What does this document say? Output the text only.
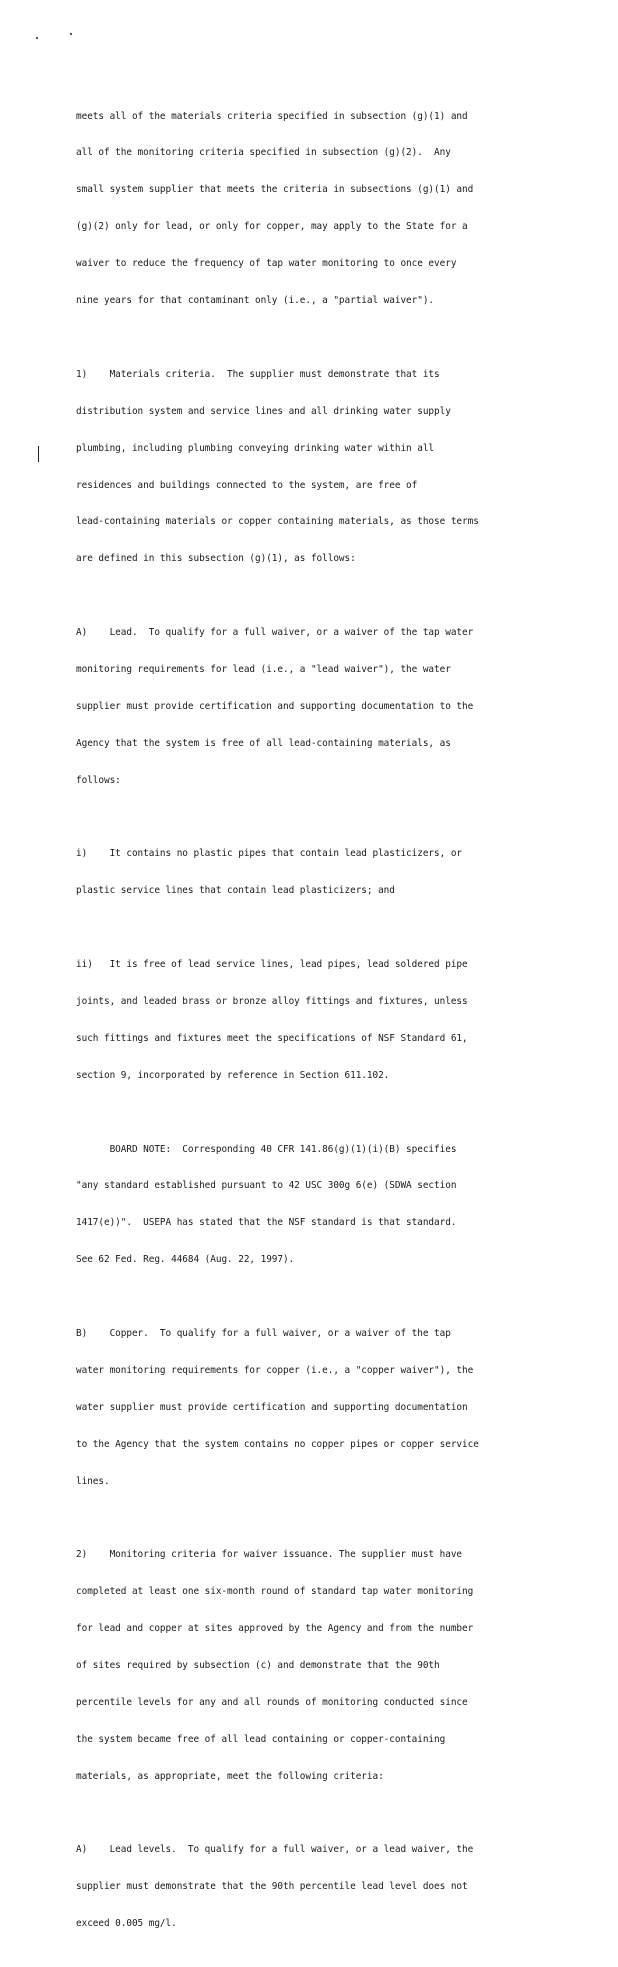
meets all of the materials criteria specified in subsection (g)(1) and

all of the monitoring criteria specified in subsection (g)(2).  Any

small system supplier that meets the criteria in subsections (g)(1) and

(g)(2) only for lead, or only for copper, may apply to the State for a

waiver to reduce the frequency of tap water monitoring to once every

nine years for that contaminant only (i.e., a "partial waiver").

1)    Materials criteria.  The supplier must demonstrate that its

distribution system and service lines and all drinking water supply

plumbing, including plumbing conveying drinking water within all

residences and buildings connected to the system, are free of

lead-containing materials or copper containing materials, as those terms

are defined in this subsection (g)(1), as follows:

A)    Lead.  To qualify for a full waiver, or a waiver of the tap water

monitoring requirements for lead (i.e., a "lead waiver"), the water

supplier must provide certification and supporting documentation to the

Agency that the system is free of all lead-containing materials, as

follows:

i)    It contains no plastic pipes that contain lead plasticizers, or

plastic service lines that contain lead plasticizers; and

ii)   It is free of lead service lines, lead pipes, lead soldered pipe

joints, and leaded brass or bronze alloy fittings and fixtures, unless

such fittings and fixtures meet the specifications of NSF Standard 61,

section 9, incorporated by reference in Section 611.102.

BOARD NOTE:  Corresponding 40 CFR 141.86(g)(1)(i)(B) specifies

"any standard established pursuant to 42 USC 300g 6(e) (SDWA section

1417(e))".  USEPA has stated that the NSF standard is that standard.

See 62 Fed. Reg. 44684 (Aug. 22, 1997).

B)    Copper.  To qualify for a full waiver, or a waiver of the tap

water monitoring requirements for copper (i.e., a "copper waiver"), the

water supplier must provide certification and supporting documentation

to the Agency that the system contains no copper pipes or copper service

lines.

2)    Monitoring criteria for waiver issuance. The supplier must have

completed at least one six-month round of standard tap water monitoring

for lead and copper at sites approved by the Agency and from the number

of sites required by subsection (c) and demonstrate that the 90th

percentile levels for any and all rounds of monitoring conducted since

the system became free of all lead containing or copper-containing

materials, as appropriate, meet the following criteria:

A)    Lead levels.  To qualify for a full waiver, or a lead waiver, the

supplier must demonstrate that the 90th percentile lead level does not

exceed 0.005 mg/l.
